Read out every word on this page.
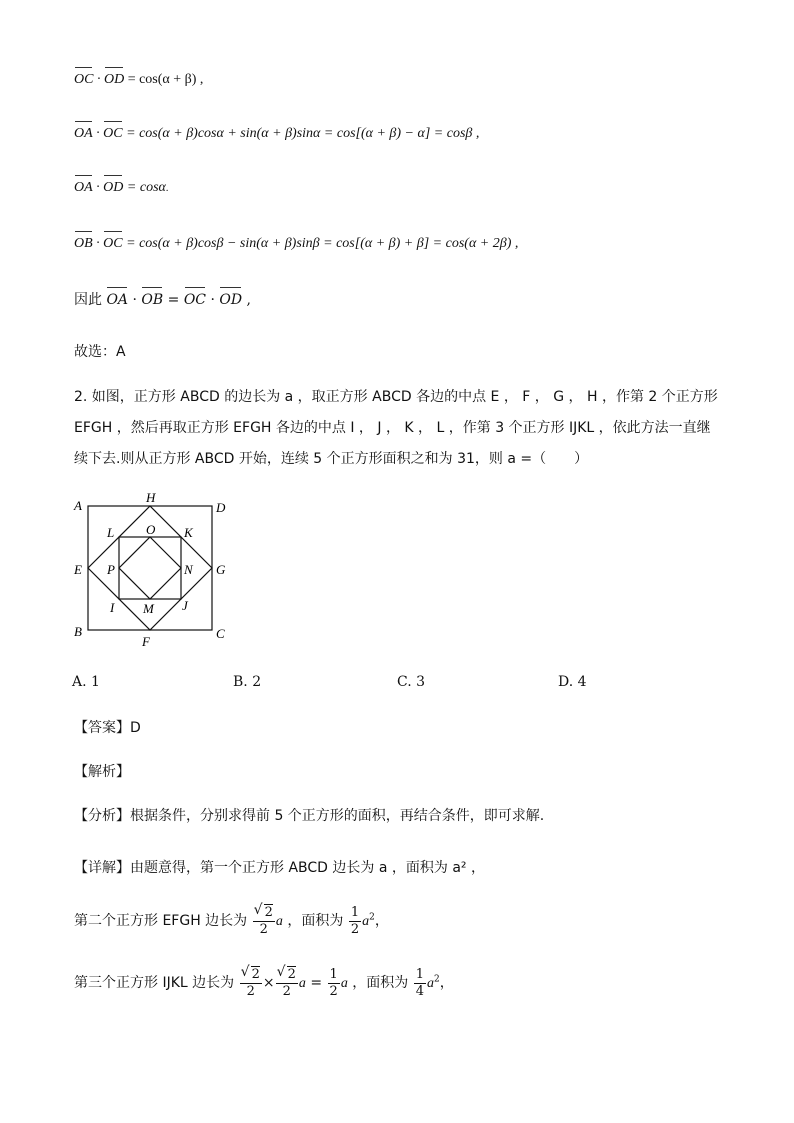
OC · OD = cos(α + β) ,
OA · OC = cos(α + β)cosα + sin(α + β)sinα = cos[(α + β) − α] = cosβ ,
OA · OD = cosα.
OB · OC = cos(α + β)cosβ − sin(α + β)sinβ = cos[(α + β) + β] = cos(α + 2β) ,
因此 OA · OB = OC · OD ,
故选：A
2. 如图，正方形 ABCD 的边长为 a ，取正方形 ABCD 各边的中点 E ， F ， G ， H ，作第 2 个正方形
EFGH ，然后再取正方形 EFGH 各边的中点 I ， J ， K ， L ，作第 3 个正方形 IJKL ，依此方法一直继
续下去.则从正方形 ABCD 开始，连续 5 个正方形面积之和为 31，则 a =（　　）
A
B	C
D
E
F
G
H
I	J
K
L
M
N
O
P
A. 1	B. 2	C. 3	D. 4
【答案】D
【解析】
【分析】根据条件，分别求得前 5 个正方形的面积，再结合条件，即可求解.
【详解】由题意得，第一个正方形 ABCD 边长为 a ，面积为 a² ，
第二个正方形 EFGH 边长为 √ $\frac{2}{2}$ a ，面积为 $\frac{1}{2} a^2$，
第三个正方形 IJKL 边长为 √ $\frac{2}{2}$ × √ $\frac{2}{2}$ $a = \frac{1}{2}$ a ，面积为 $\frac{1}{4} a^2$，
